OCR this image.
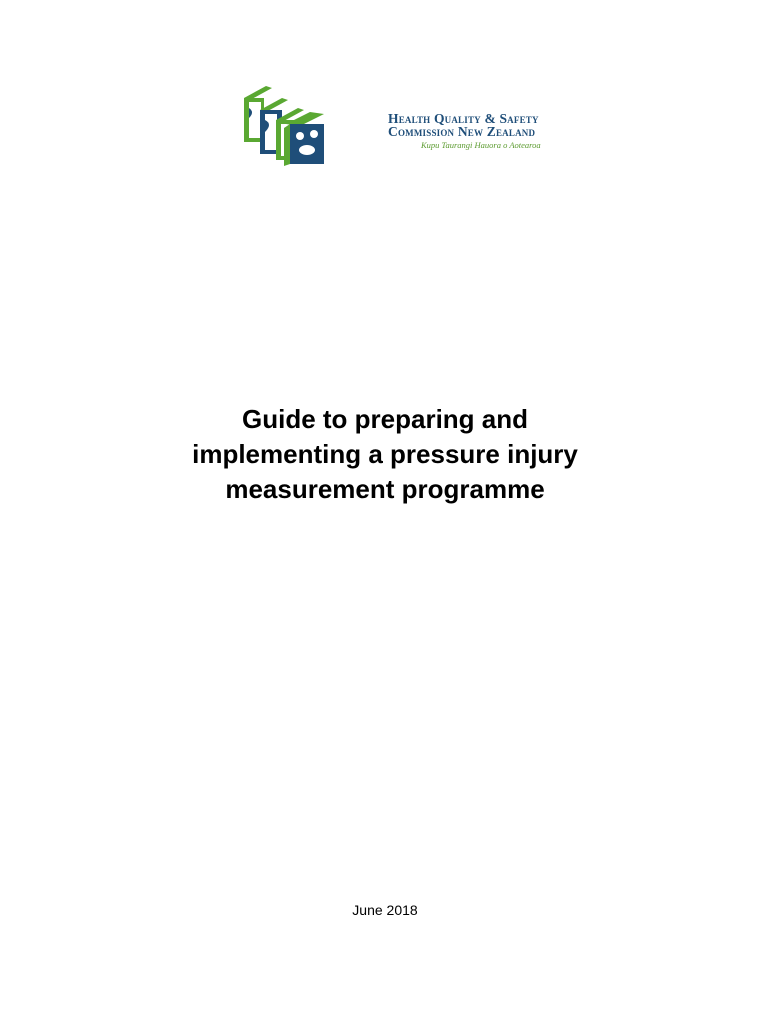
Health Quality & Safety
Commission New Zealand
Kupu Taurangi Hauora o Aotearoa
Guide to preparing and
implementing a pressure injury
measurement programme
June 2018
